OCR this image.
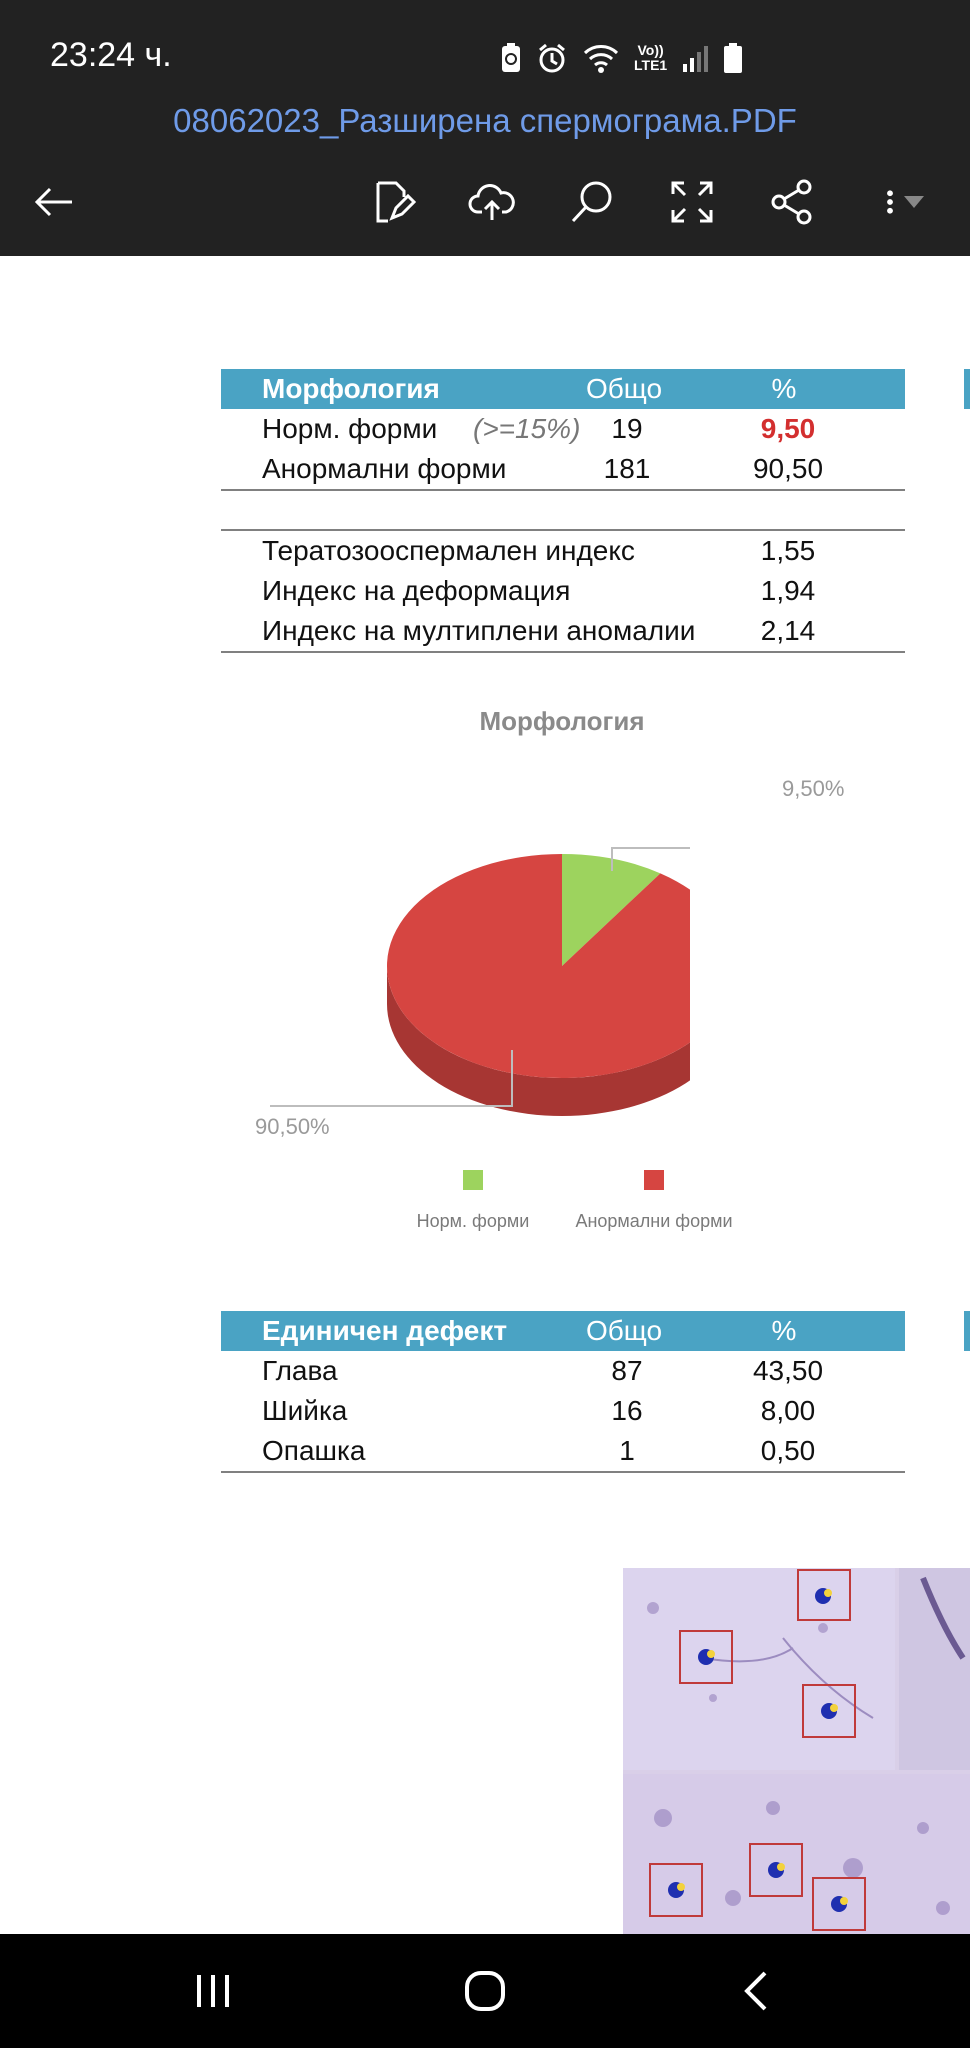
23:24 ч.	Vo))
LTE1
08062023_Разширена спермограма.PDF
Морфология	Общо	%
Норм. форми (>=15%) 19	9,50
Анормални форми	181	90,50
Тератозооспермален индекс	1,55
Индекс на деформация	1,94
Индекс на мултиплени аномалии 2,14
Морфология
9,50%
90,50%
Норм. форми	Анормални форми
Единичен дефект	Общо	%
Глава	87	43,50
Шийка	16	8,00
Опашка	1	0,50
